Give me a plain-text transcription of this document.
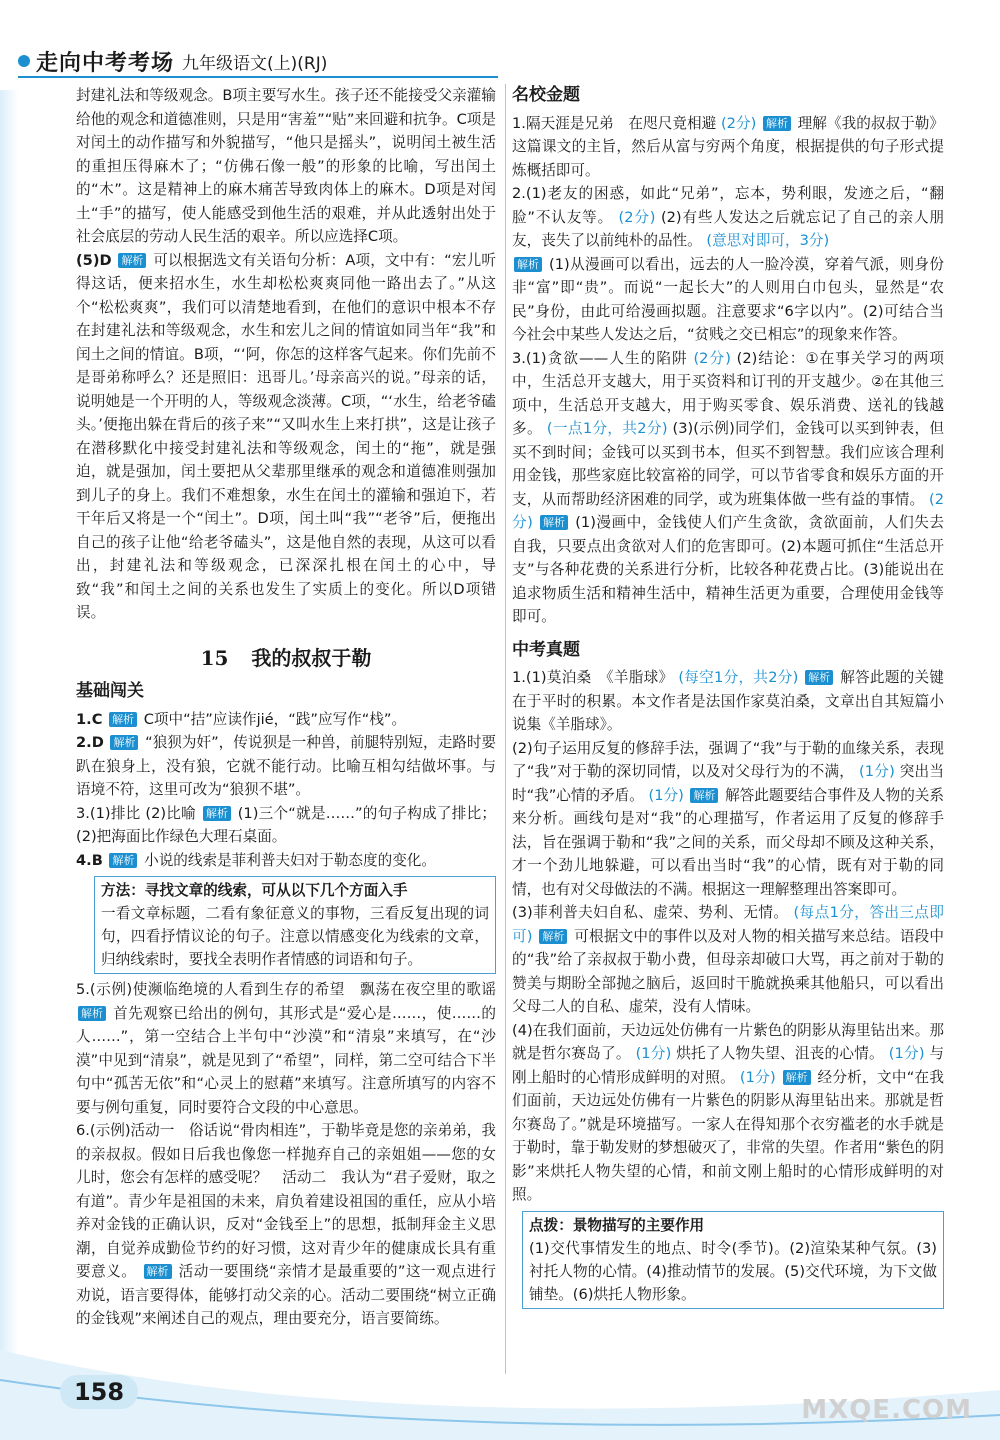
走向中考考场 九年级语文(上)(RJ)

封建礼法和等级观念。B项主要写水生。孩子还不能接受父亲灌输给他的观念和道德准则，只是用“害羞”“贴”来回避和抗争。C项是对闰土的动作描写和外貌描写，“他只是摇头”，说明闰土被生活的重担压得麻木了；“仿佛石像一般”的形象的比喻，写出闰土的“木”。这是精神上的麻木痛苦导致肉体上的麻木。D项是对闰土“手”的描写，使人能感受到他生活的艰难，并从此透射出处于社会底层的劳动人民生活的艰辛。所以应选择C项。

(5)D 解析 可以根据选文有关语句分析：A项，文中有：“宏儿听得这话，便来招水生，水生却松松爽爽同他一路出去了。”从这个“松松爽爽”，我们可以清楚地看到，在他们的意识中根本不存在封建礼法和等级观念，水生和宏儿之间的情谊如同当年“我”和闰土之间的情谊。B项，“‘阿，你怎的这样客气起来。你们先前不是哥弟称呼么？还是照旧：迅哥儿。’母亲高兴的说。”母亲的话，说明她是一个开明的人，等级观念淡薄。C项，“‘水生，给老爷磕头。’便拖出躲在背后的孩子来”“又叫水生上来打拱”，这是让孩子在潜移默化中接受封建礼法和等级观念，闰土的“拖”，就是强迫，就是强加，闰土要把从父辈那里继承的观念和道德准则强加到儿子的身上。我们不难想象，水生在闰土的灌输和强迫下，若干年后又将是一个“闰土”。D项，闰土叫“我”“老爷”后，便拖出自己的孩子让他“给老爷磕头”，这是他自然的表现，从这可以看出，封建礼法和等级观念，已深深扎根在闰土的心中，导致“我”和闰土之间的关系也发生了实质上的变化。所以D项错误。

15 我的叔叔于勒
基础闯关

1.C 解析 C项中“拮”应读作jié，“践”应写作“栈”。

2.D 解析 “狼狈为奸”，传说狈是一种兽，前腿特别短，走路时要趴在狼身上，没有狼，它就不能行动。比喻互相勾结做坏事。与语境不符，这里可改为“狼狈不堪”。

3.(1)排比 (2)比喻 解析 (1)三个“就是……”的句子构成了排比；(2)把海面比作绿色大理石桌面。

4.B 解析 小说的线索是菲利普夫妇对于勒态度的变化。

方法：寻找文章的线索，可从以下几个方面入手
一看文章标题，二看有象征意义的事物，三看反复出现的词句，四看抒情议论的句子。注意以情感变化为线索的文章，归纳线索时，要找全表明作者情感的词语和句子。

5.(示例)使濒临绝境的人看到生存的希望　飘荡在夜空里的歌谣 解析 首先观察已给出的例句，其形式是“爱心是……，使……的人……”，第一空结合上半句中“沙漠”和“清泉”来填写，在“沙漠”中见到“清泉”，就是见到了“希望”，同样，第二空可结合下半句中“孤苦无依”和“心灵上的慰藉”来填写。注意所填写的内容不要与例句重复，同时要符合文段的中心意思。

6.(示例)活动一　俗话说“骨肉相连”，于勒毕竟是您的亲弟弟，我的亲叔叔。假如日后我也像您一样抛弃自己的亲姐姐——您的女儿时，您会有怎样的感受呢？　活动二　我认为“君子爱财，取之有道”。青少年是祖国的未来，肩负着建设祖国的重任，应从小培养对金钱的正确认识，反对“金钱至上”的思想，抵制拜金主义思潮，自觉养成勤俭节约的好习惯，这对青少年的健康成长具有重要意义。 解析 活动一要围绕“亲情才是最重要的”这一观点进行劝说，语言要得体，能够打动父亲的心。活动二要围绕“树立正确的金钱观”来阐述自己的观点，理由要充分，语言要简练。

名校金题

1.隔天涯是兄弟　在咫尺竟相避 (2分) 解析 理解《我的叔叔于勒》这篇课文的主旨，然后从富与穷两个角度，根据提供的句子形式提炼概括即可。

2.(1)老友的困惑，如此“兄弟”，忘本，势利眼，发迹之后，“翻脸”不认友等。 (2分) (2)有些人发达之后就忘记了自己的亲人朋友，丧失了以前纯朴的品性。 (意思对即可，3分)

解析 (1)从漫画可以看出，远去的人一脸冷漠，穿着气派，则身份非“富”即“贵”。而说“一起长大”的人则用白巾包头，显然是“农民”身份，由此可给漫画拟题。注意要求“6字以内”。(2)可结合当今社会中某些人发达之后，“贫贱之交已相忘”的现象来作答。

3.(1)贪欲——人生的陷阱 (2分) (2)结论：①在事关学习的两项中，生活总开支越大，用于买资料和订刊的开支越少。②在其他三项中，生活总开支越大，用于购买零食、娱乐消费、送礼的钱越多。 (一点1分，共2分) (3)(示例)同学们，金钱可以买到钟表，但买不到时间；金钱可以买到书本，但买不到智慧。我们应该合理利用金钱，那些家庭比较富裕的同学，可以节省零食和娱乐方面的开支，从而帮助经济困难的同学，或为班集体做一些有益的事情。 (2分) 解析 (1)漫画中，金钱使人们产生贪欲，贪欲面前，人们失去自我，只要点出贪欲对人们的危害即可。(2)本题可抓住“生活总开支”与各种花费的关系进行分析，比较各种花费占比。(3)能说出在追求物质生活和精神生活中，精神生活更为重要，合理使用金钱等即可。

中考真题

1.(1)莫泊桑　《羊脂球》 (每空1分，共2分) 解析 解答此题的关键在于平时的积累。本文作者是法国作家莫泊桑，文章出自其短篇小说集《羊脂球》。

(2)句子运用反复的修辞手法，强调了“我”与于勒的血缘关系，表现了“我”对于勒的深切同情，以及对父母行为的不满， (1分) 突出当时“我”心情的矛盾。 (1分) 解析 解答此题要结合事件及人物的关系来分析。画线句是对“我”的心理描写，作者运用了反复的修辞手法，旨在强调于勒和“我”之间的关系，而父母却不顾及这种关系，才一个劲儿地躲避，可以看出当时“我”的心情，既有对于勒的同情，也有对父母做法的不满。根据这一理解整理出答案即可。

(3)菲利普夫妇自私、虚荣、势利、无情。 (每点1分，答出三点即可) 解析 可根据文中的事件以及对人物的相关描写来总结。语段中的“我”给了亲叔叔于勒小费，但母亲却破口大骂，再之前对于勒的赞美与期盼全部抛之脑后，返回时干脆就换乘其他船只，可以看出父母二人的自私、虚荣，没有人情味。

(4)在我们面前，天边远处仿佛有一片紫色的阴影从海里钻出来。那就是哲尔赛岛了。 (1分) 烘托了人物失望、沮丧的心情。 (1分) 与刚上船时的心情形成鲜明的对照。 (1分) 解析 经分析，文中“在我们面前，天边远处仿佛有一片紫色的阴影从海里钻出来。那就是哲尔赛岛了。”就是环境描写。一家人在得知那个衣穷褴老的水手就是于勒时，靠于勒发财的梦想破灭了，非常的失望。作者用“紫色的阴影”来烘托人物失望的心情，和前文刚上船时的心情形成鲜明的对照。

点拨：景物描写的主要作用
(1)交代事情发生的地点、时令(季节)。(2)渲染某种气氛。(3)衬托人物的心情。(4)推动情节的发展。(5)交代环境，为下文做铺垫。(6)烘托人物形象。
158
MXQE.COM
